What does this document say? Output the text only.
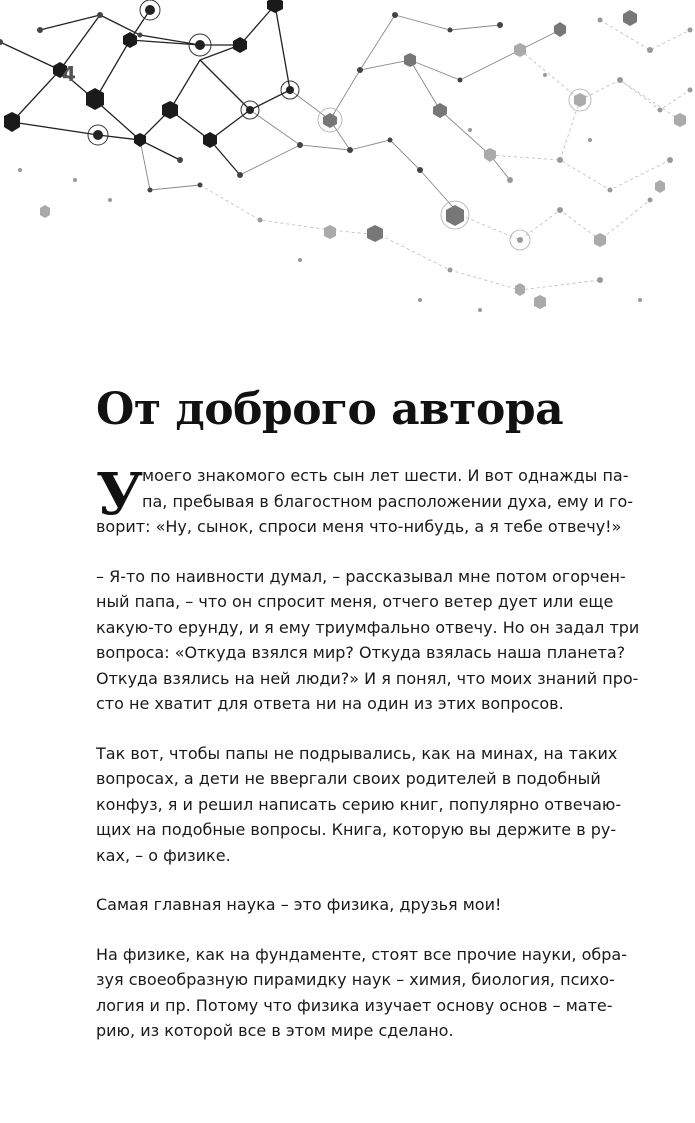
4
От доброго автора

У
моего знакомого есть сын лет шести. И вот однажды па-
па, пребывая в благостном расположении духа, ему и го-
ворит: «Ну, сынок, спроси меня что-нибудь, а я тебе отвечу!»

– Я-то по наивности думал, – рассказывал мне потом огорчен-
ный папа, – что он спросит меня, отчего ветер дует или еще
какую-то ерунду, и я ему триумфально отвечу. Но он задал три
вопроса: «Откуда взялся мир? Откуда взялась наша планета?
Откуда взялись на ней люди?» И я понял, что моих знаний про-
сто не хватит для ответа ни на один из этих вопросов.

Так вот, чтобы папы не подрывались, как на минах, на таких
вопросах, а дети не ввергали своих родителей в подобный
конфуз, я и решил написать серию книг, популярно отвечаю-
щих на подобные вопросы. Книга, которую вы держите в ру-
ках, – о физике.

Самая главная наука – это физика, друзья мои!

На физике, как на фундаменте, стоят все прочие науки, обра-
зуя своеобразную пирамидку наук – химия, биология, психо-
логия и пр. Потому что физика изучает основу основ – мате-
рию, из которой все в этом мире сделано.
